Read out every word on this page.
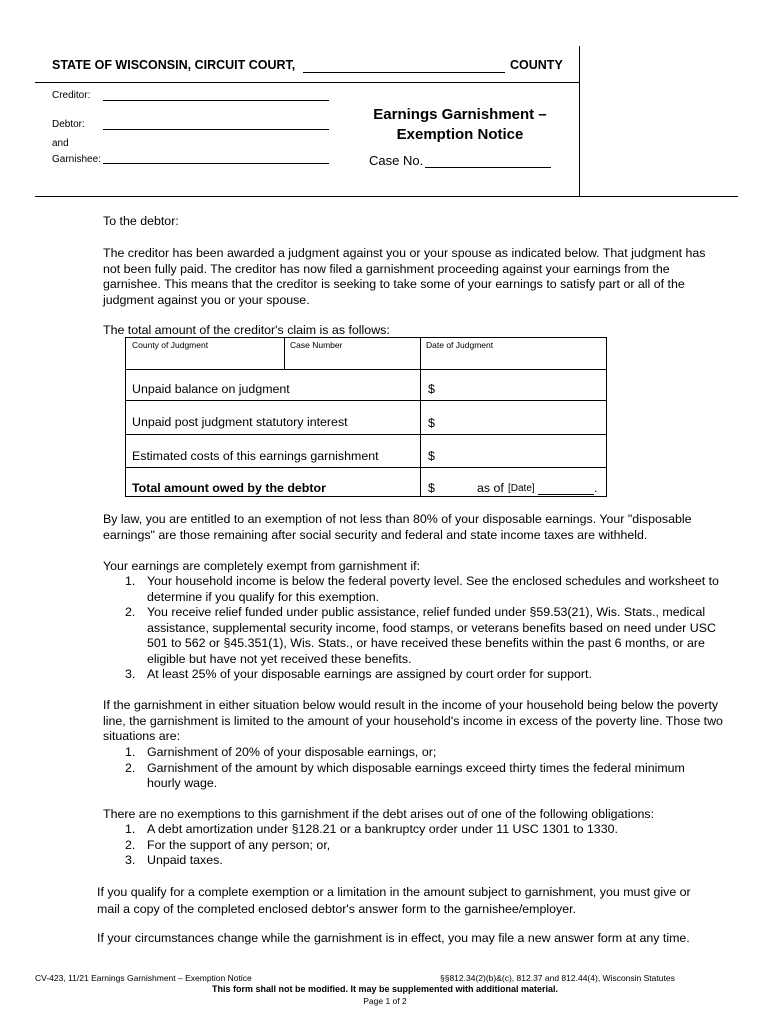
STATE OF WISCONSIN, CIRCUIT COURT,	COUNTY
Creditor:
Debtor:
and
Garnishee:
Earnings Garnishment –
Exemption Notice
Case No.
To the debtor:
The creditor has been awarded a judgment against you or your spouse as indicated below. That judgment has not been fully paid. The creditor has now filed a garnishment proceeding against your earnings from the garnishee. This means that the creditor is seeking to take some of your earnings to satisfy part or all of the judgment against you or your spouse.
The total amount of the creditor's claim is as follows:
County of Judgment	Case Number	Date of Judgment
Unpaid balance on judgment	$
Unpaid post judgment statutory interest	$
Estimated costs of this earnings garnishment	$
Total amount owed by the debtor	$	as of [Date]	.
By law, you are entitled to an exemption of not less than 80% of your disposable earnings. Your "disposable earnings" are those remaining after social security and federal and state income taxes are withheld.
Your earnings are completely exempt from garnishment if:
1. Your household income is below the federal poverty level. See the enclosed schedules and worksheet to determine if you qualify for this exemption.
2. You receive relief funded under public assistance, relief funded under §59.53(21), Wis. Stats., medical assistance, supplemental security income, food stamps, or veterans benefits based on need under USC 501 to 562 or §45.351(1), Wis. Stats., or have received these benefits within the past 6 months, or are eligible but have not yet received these benefits.
3. At least 25% of your disposable earnings are assigned by court order for support.
If the garnishment in either situation below would result in the income of your household being below the poverty line, the garnishment is limited to the amount of your household's income in excess of the poverty line. Those two situations are:
1. Garnishment of 20% of your disposable earnings, or;
2. Garnishment of the amount by which disposable earnings exceed thirty times the federal minimum hourly wage.
There are no exemptions to this garnishment if the debt arises out of one of the following obligations:
1. A debt amortization under §128.21 or a bankruptcy order under 11 USC 1301 to 1330.
2. For the support of any person; or,
3. Unpaid taxes.
If you qualify for a complete exemption or a limitation in the amount subject to garnishment, you must give or mail a copy of the completed enclosed debtor's answer form to the garnishee/employer.
If your circumstances change while the garnishment is in effect, you may file a new answer form at any time.
CV-423, 11/21 Earnings Garnishment – Exemption Notice	§§812.34(2)(b)&(c), 812.37 and 812.44(4), Wisconsin Statutes
This form shall not be modified. It may be supplemented with additional material.
Page 1 of 2
